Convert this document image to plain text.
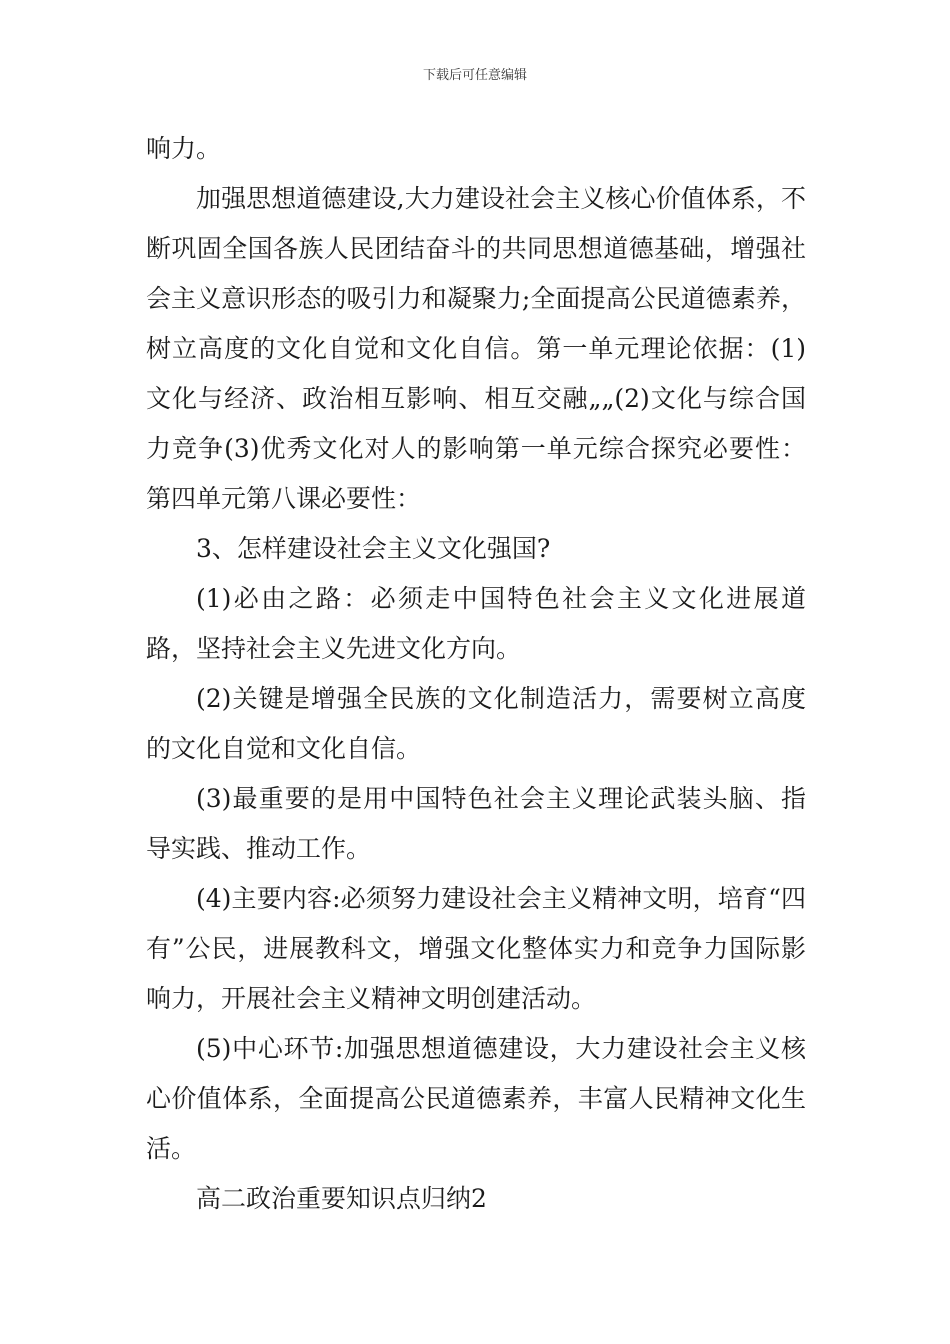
下载后可任意编辑

响力。

加强思想道德建设,大力建设社会主义核心价值体系，不断巩固全国各族人民团结奋斗的共同思想道德基础，增强社会主义意识形态的吸引力和凝聚力;全面提高公民道德素养，树立高度的文化自觉和文化自信。第一单元理论依据：(1)文化与经济、政治相互影响、相互交融„„(2)文化与综合国力竞争(3)优秀文化对人的影响第一单元综合探究必要性：第四单元第八课必要性：

3、怎样建设社会主义文化强国?

(1)必由之路：必须走中国特色社会主义文化进展道路，坚持社会主义先进文化方向。

(2)关键是增强全民族的文化制造活力，需要树立高度的文化自觉和文化自信。

(3)最重要的是用中国特色社会主义理论武装头脑、指导实践、推动工作。

(4)主要内容:必须努力建设社会主义精神文明，培育“四有”公民，进展教科文，增强文化整体实力和竞争力国际影响力，开展社会主义精神文明创建活动。

(5)中心环节:加强思想道德建设，大力建设社会主义核心价值体系，全面提高公民道德素养，丰富人民精神文化生活。

高二政治重要知识点归纳2
